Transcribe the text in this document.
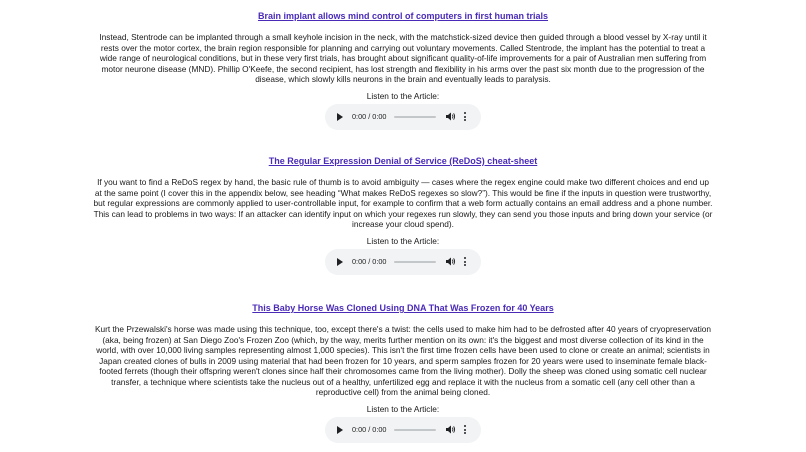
Brain implant allows mind control of computers in first human trials

Instead, Stentrode can be implanted through a small keyhole incision in the neck, with the matchstick-sized device then guided through a blood vessel by X-ray until it rests over the motor cortex, the brain region responsible for planning and carrying out voluntary movements. Called Stentrode, the implant has the potential to treat a wide range of neurological conditions, but in these very first trials, has brought about significant quality-of-life improvements for a pair of Australian men suffering from motor neurone disease (MND). Phillip O'Keefe, the second recipient, has lost strength and flexibility in his arms over the past six month due to the progression of the disease, which slowly kills neurons in the brain and eventually leads to paralysis.

Listen to the Article:

0:00 / 0:00
The Regular Expression Denial of Service (ReDoS) cheat-sheet

If you want to find a ReDoS regex by hand, the basic rule of thumb is to avoid ambiguity — cases where the regex engine could make two different choices and end up at the same point (I cover this in the appendix below, see heading “What makes ReDoS regexes so slow?”). This would be fine if the inputs in question were trustworthy, but regular expressions are commonly applied to user-controllable input, for example to confirm that a web form actually contains an email address and a phone number. This can lead to problems in two ways: If an attacker can identify input on which your regexes run slowly, they can send you those inputs and bring down your service (or increase your cloud spend).

Listen to the Article:

0:00 / 0:00
This Baby Horse Was Cloned Using DNA That Was Frozen for 40 Years

Kurt the Przewalski's horse was made using this technique, too, except there's a twist: the cells used to make him had to be defrosted after 40 years of cryopreservation (aka, being frozen) at San Diego Zoo's Frozen Zoo (which, by the way, merits further mention on its own: it's the biggest and most diverse collection of its kind in the world, with over 10,000 living samples representing almost 1,000 species). This isn't the first time frozen cells have been used to clone or create an animal; scientists in Japan created clones of bulls in 2009 using material that had been frozen for 10 years, and sperm samples frozen for 20 years were used to inseminate female black-footed ferrets (though their offspring weren't clones since half their chromosomes came from the living mother). Dolly the sheep was cloned using somatic cell nuclear transfer, a technique where scientists take the nucleus out of a healthy, unfertilized egg and replace it with the nucleus from a somatic cell (any cell other than a reproductive cell) from the animal being cloned.

Listen to the Article:

0:00 / 0:00
